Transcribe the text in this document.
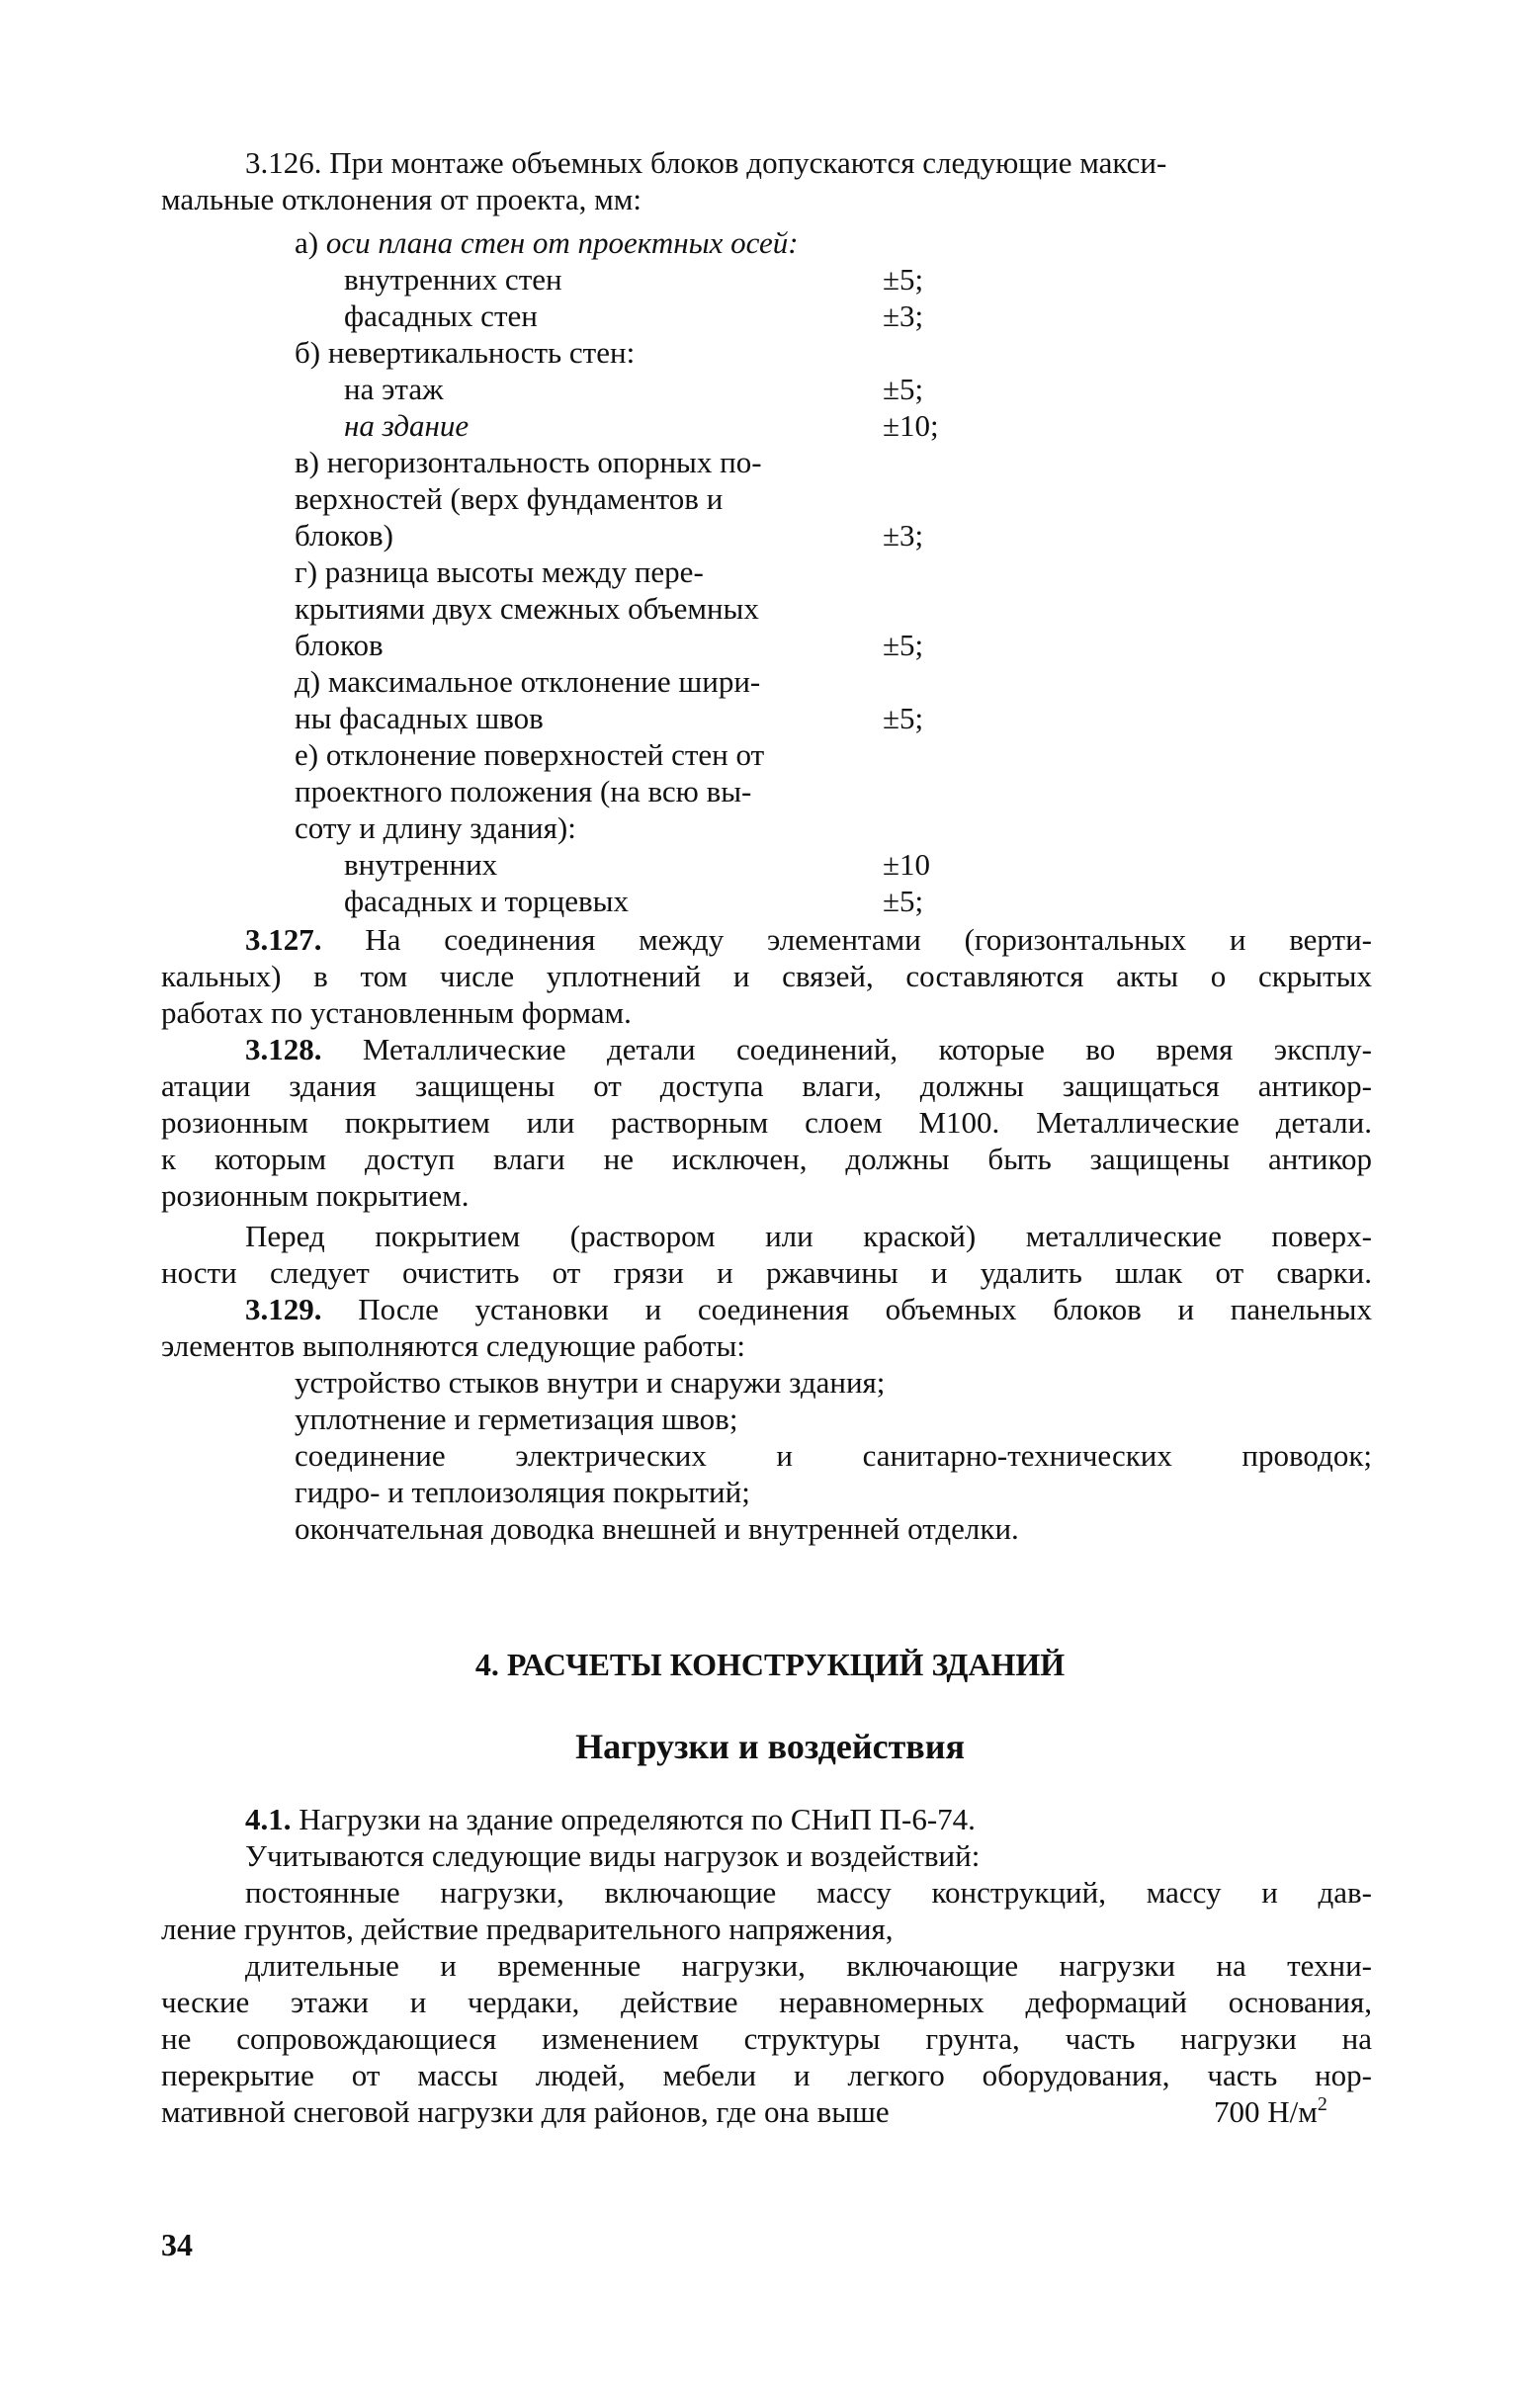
3.126. При монтаже объемных блоков допускаются следующие макси-
мальные отклонения от проекта, мм:
а) оси плана стен от проектных осей:
внутренних стен	±5;
фасадных стен	±3;
б) невертикальность стен:
на этаж	±5;
на здание	±10;
в) негоризонтальность опорных по-
верхностей (верх фундаментов и
блоков)	±3;
г) разница высоты между пере-
крытиями двух смежных объемных
блоков	±5;
д) максимальное отклонение шири-
ны фасадных швов	±5;
е) отклонение поверхностей стен от
проектного положения (на всю вы-
соту и длину здания):
внутренних	±10
фасадных и торцевых	±5;
3.127. На соединения между элементами (горизонтальных и верти-
кальных) в том числе уплотнений и связей, составляются акты о скрытых
работах по установленным формам.
3.128. Металлические детали соединений, которые во время эксплу-
атации здания защищены от доступа влаги, должны защищаться антикор-
розионным покрытием или растворным слоем М100. Металлические детали.
к которым доступ влаги не исключен, должны быть защищены антикор
розионным покрытием.
Перед покрытием (раствором или краской) металлические поверх-
ности следует очистить от грязи и ржавчины и удалить шлак от сварки.
3.129. После установки и соединения объемных блоков и панельных
элементов выполняются следующие работы:
устройство стыков внутри и снаружи здания;
уплотнение и герметизация швов;
соединение электрических и санитарно-технических проводок;
гидро- и теплоизоляция покрытий;
окончательная доводка внешней и внутренней отделки.
4. РАСЧЕТЫ КОНСТРУКЦИЙ ЗДАНИЙ
Нагрузки и воздействия
4.1. Нагрузки на здание определяются по СНиП П-6-74.
Учитываются следующие виды нагрузок и воздействий:
постоянные нагрузки, включающие массу конструкций, массу и дав-
ление грунтов, действие предварительного напряжения,
длительные и временные нагрузки, включающие нагрузки на техни-
ческие этажи и чердаки, действие неравномерных деформаций основания,
не сопровождающиеся изменением структуры грунта, часть нагрузки на
перекрытие от массы людей, мебели и легкого оборудования, часть нор-
мативной снеговой нагрузки для районов, где она выше	700 $Н/м^2$
34
